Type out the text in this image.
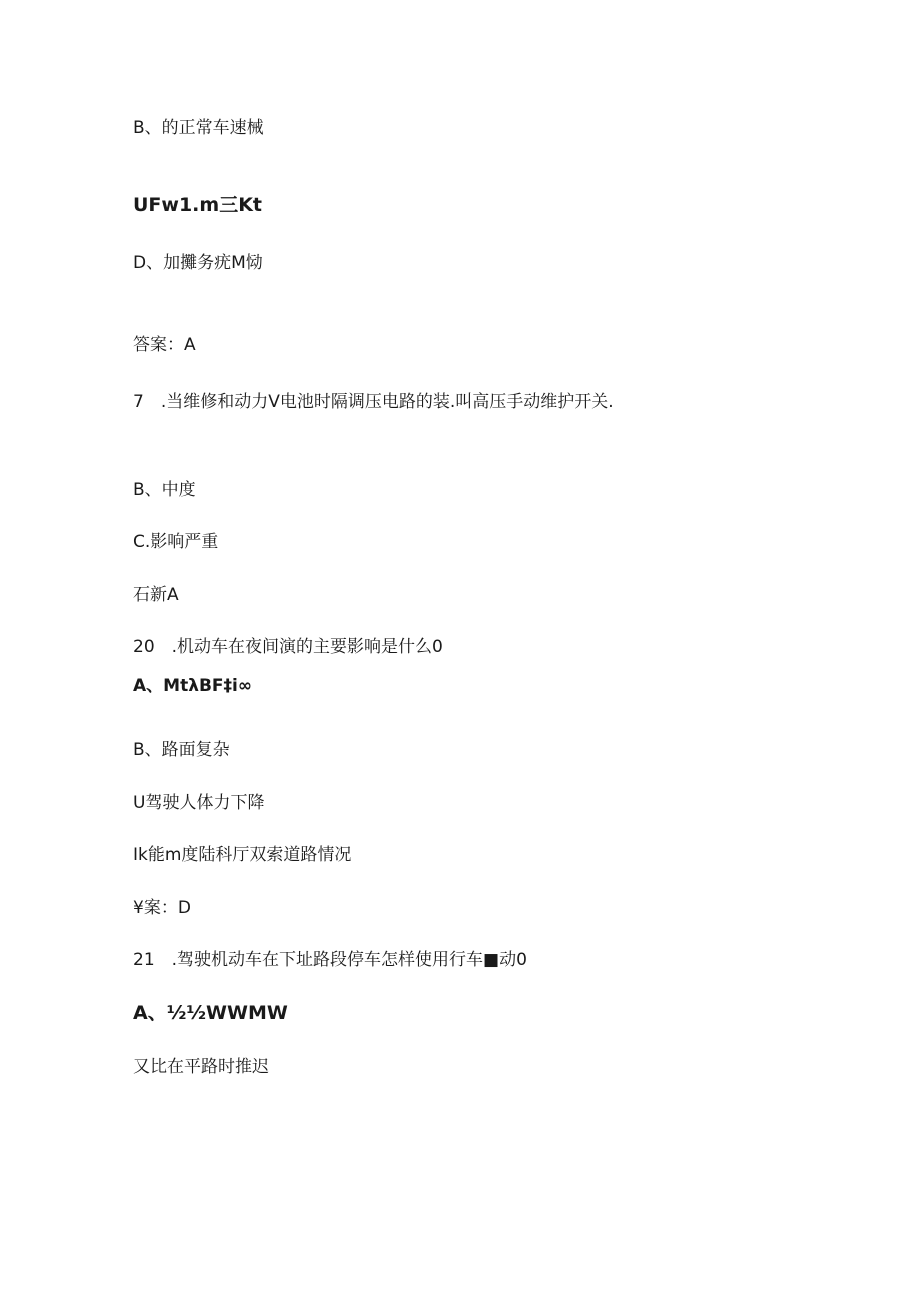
B、的正常车速械
UFw1.m三Kt
D、加攤务疣M恸
答案：A
7　.当维修和动力V电池时隔调压电路的装.叫高压手动维护开关.
B、中度
C.影响严重
石新A
20　.机动车在夜间演的主要影响是什么0
A、MtλBF‡i∞
B、路面复杂
U驾驶人体力下降
Ik能m度陆科厅双索道路情况
¥案：D
21　.驾驶机动车在下址路段停车怎样使用行车■动0
A、½½WWMW
又比在平路时推迟
